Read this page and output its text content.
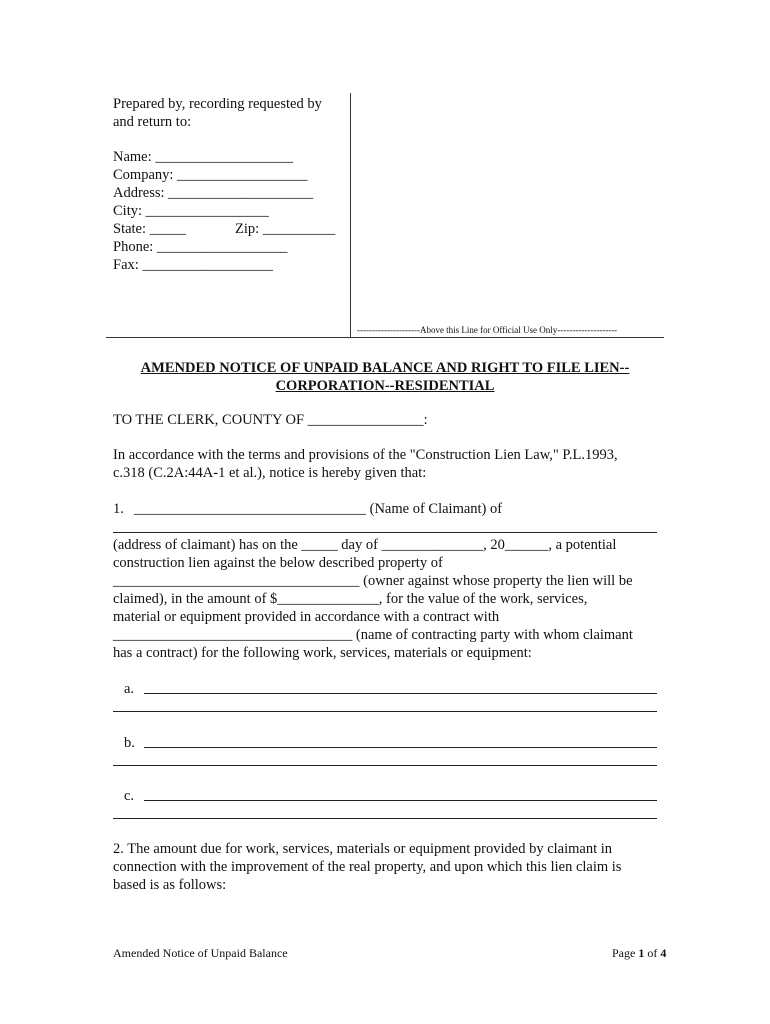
Prepared by, recording requested by
and return to:
Name: ___________________
Company: __________________
Address: ____________________
City: _________________
State: _____	Zip: __________
Phone: __________________
Fax: __________________
---------------------Above this Line for Official Use Only--------------------
AMENDED NOTICE OF UNPAID BALANCE AND RIGHT TO FILE LIEN--
CORPORATION--RESIDENTIAL
TO THE CLERK, COUNTY OF ________________:
In accordance with the terms and provisions of the "Construction Lien Law," P.L.1993,
c.318 (C.2A:44A-1 et al.), notice is hereby given that:
1. ________________________________ (Name of Claimant) of
(address of claimant) has on the _____ day of ______________, 20______, a potential
construction lien against the below described property of
__________________________________ (owner against whose property the lien will be
claimed), in the amount of $______________, for the value of the work, services,
material or equipment provided in accordance with a contract with
_________________________________ (name of contracting party with whom claimant
has a contract) for the following work, services, materials or equipment:
a.
b.
c.
2. The amount due for work, services, materials or equipment provided by claimant in
connection with the improvement of the real property, and upon which this lien claim is
based is as follows:
Amended Notice of Unpaid Balance	Page 1 of 4
